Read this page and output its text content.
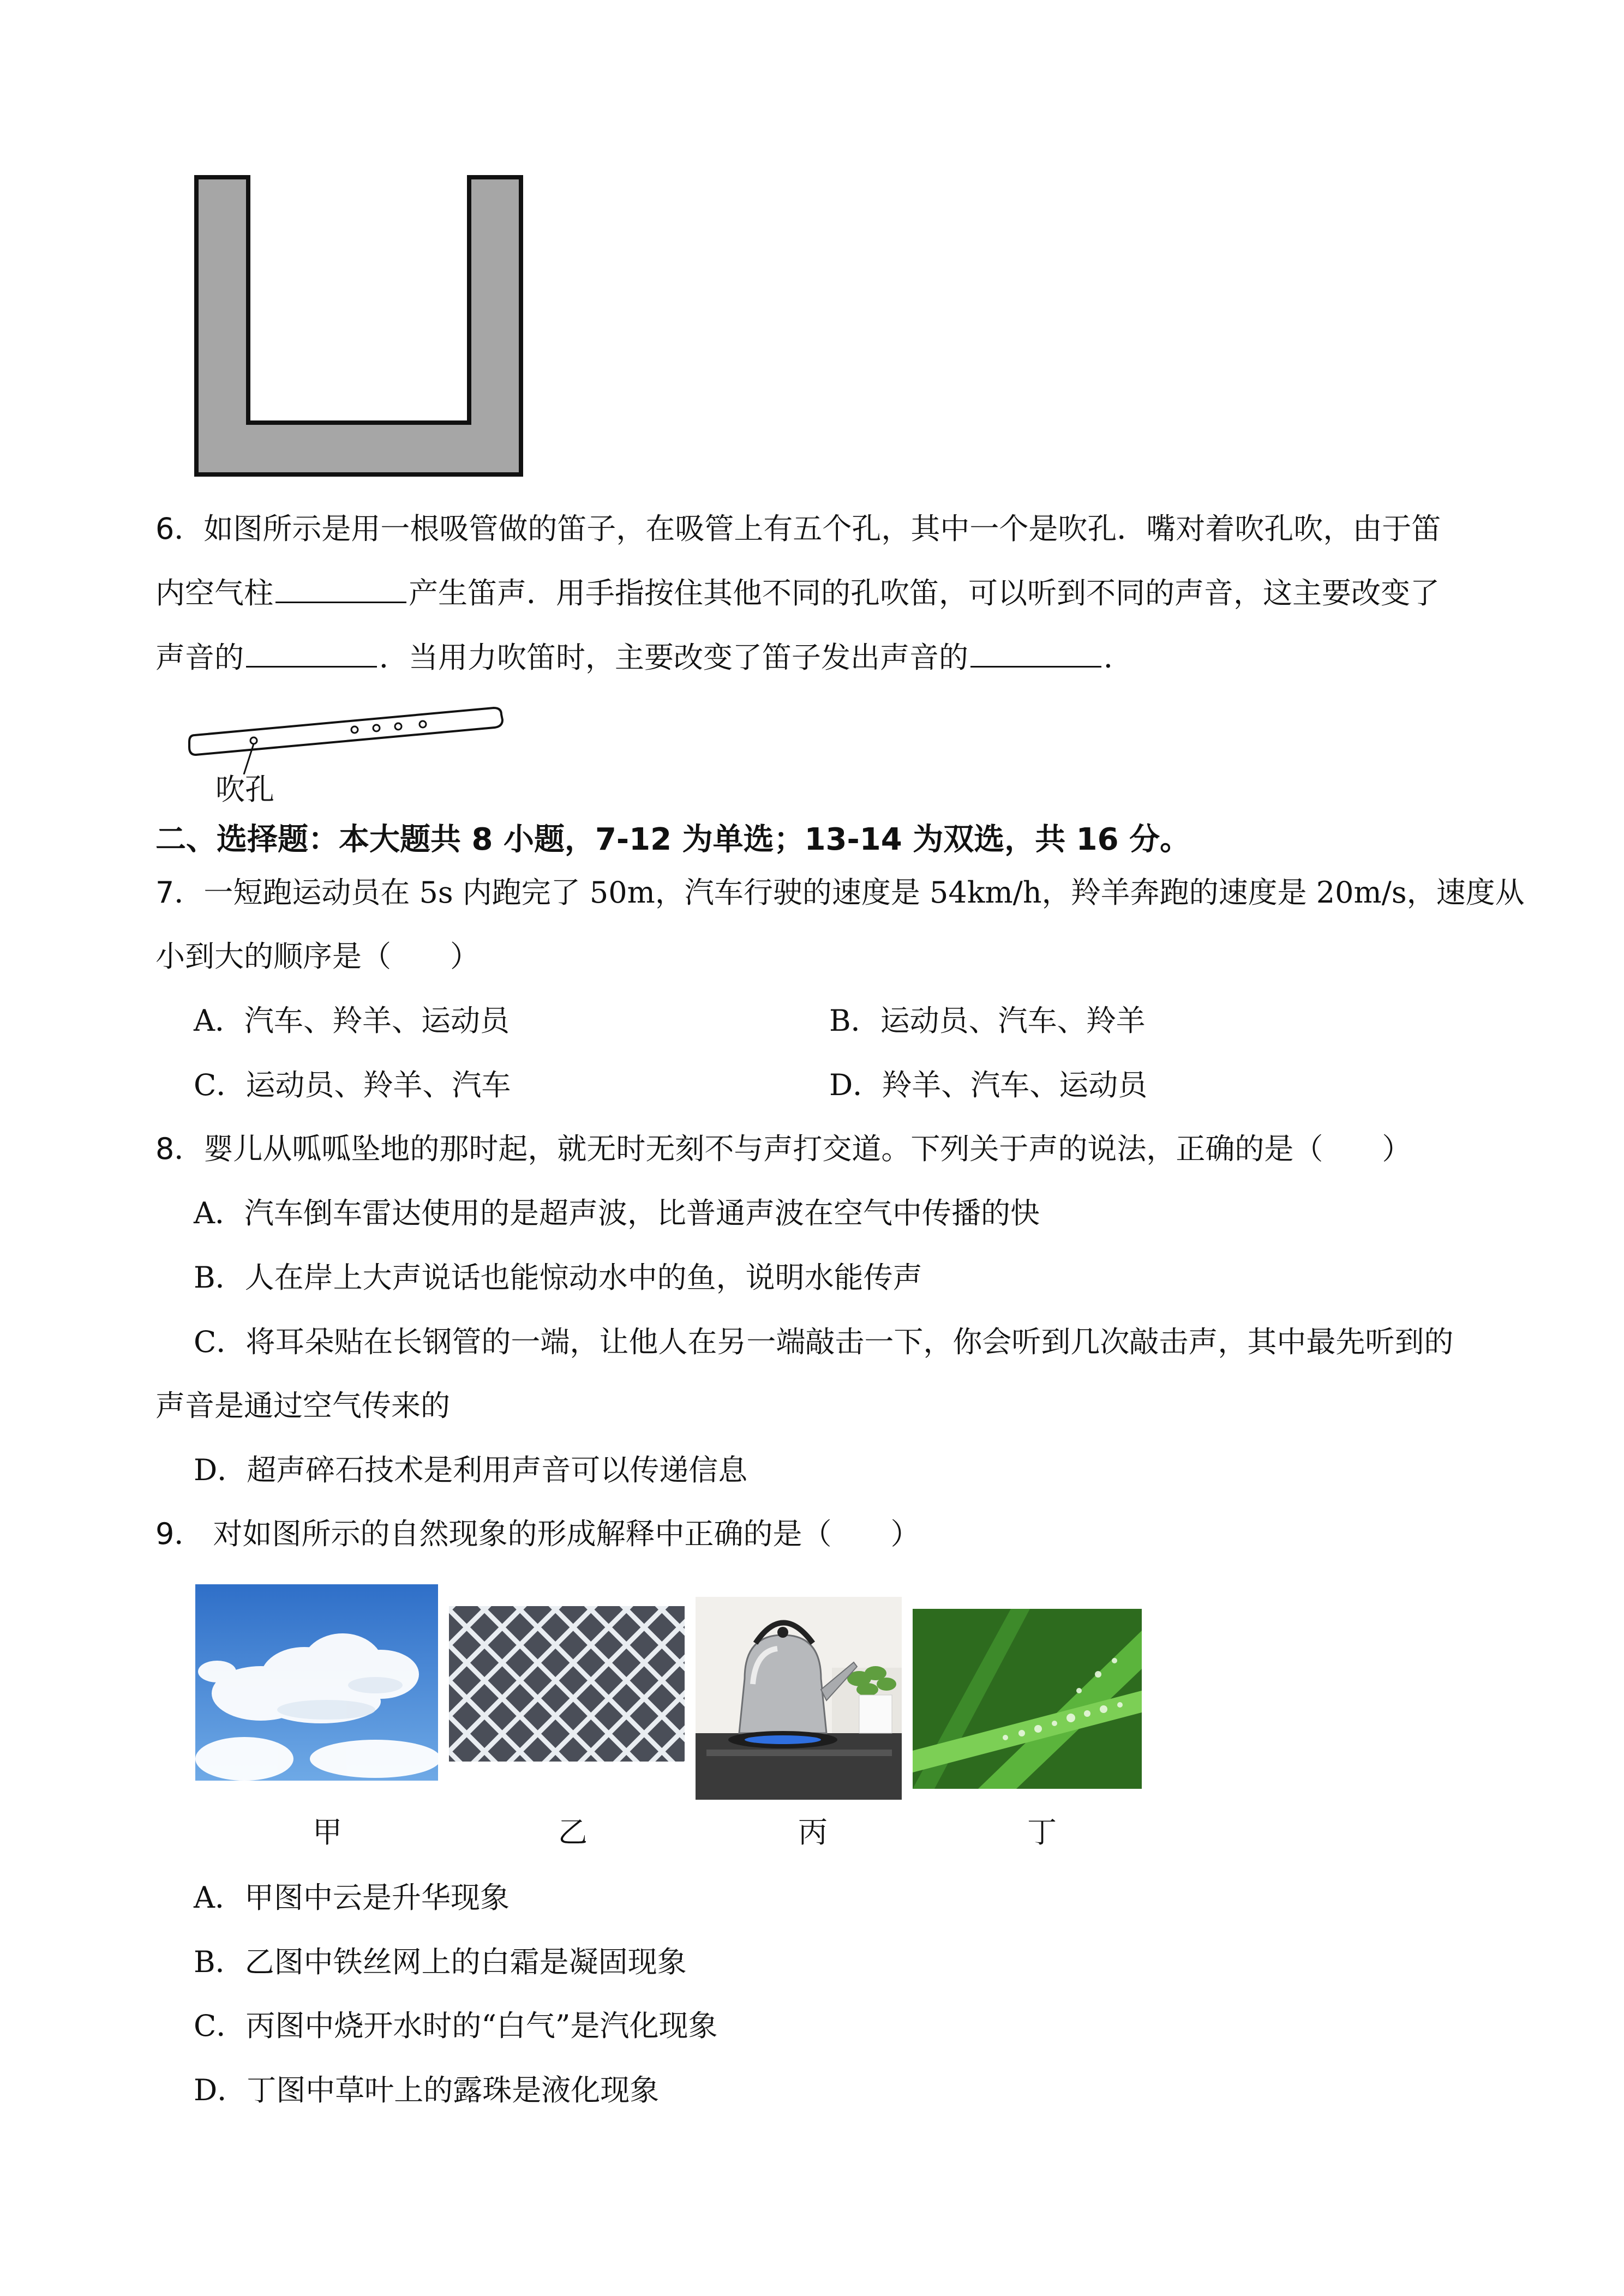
6．如图所示是用一根吸管做的笛子，在吸管上有五个孔，其中一个是吹孔．嘴对着吹孔吹，由于笛
内空气柱	产生笛声．用手指按住其他不同的孔吹笛，可以听到不同的声音，这主要改变了
声音的	．当用力吹笛时，主要改变了笛子发出声音的	．
吹孔
二、选择题：本大题共 8 小题，7-12 为单选；13-14 为双选，共 16 分。
7．一短跑运动员在 5s 内跑完了 50m，汽车行驶的速度是 54km/h，羚羊奔跑的速度是 20m/s，速度从
小到大的顺序是（　　）
A．汽车、羚羊、运动员	B．运动员、汽车、羚羊
C．运动员、羚羊、汽车	D．羚羊、汽车、运动员
8．婴儿从呱呱坠地的那时起，就无时无刻不与声打交道。下列关于声的说法，正确的是（　　）
A．汽车倒车雷达使用的是超声波，比普通声波在空气中传播的快
B．人在岸上大声说话也能惊动水中的鱼，说明水能传声
C．将耳朵贴在长钢管的一端，让他人在另一端敲击一下，你会听到几次敲击声，其中最先听到的
声音是通过空气传来的
D．超声碎石技术是利用声音可以传递信息
9． 对如图所示的自然现象的形成解释中正确的是（　　）
甲	乙	丙	丁
A．甲图中云是升华现象
B．乙图中铁丝网上的白霜是凝固现象
C．丙图中烧开水时的“白气”是汽化现象
D．丁图中草叶上的露珠是液化现象
